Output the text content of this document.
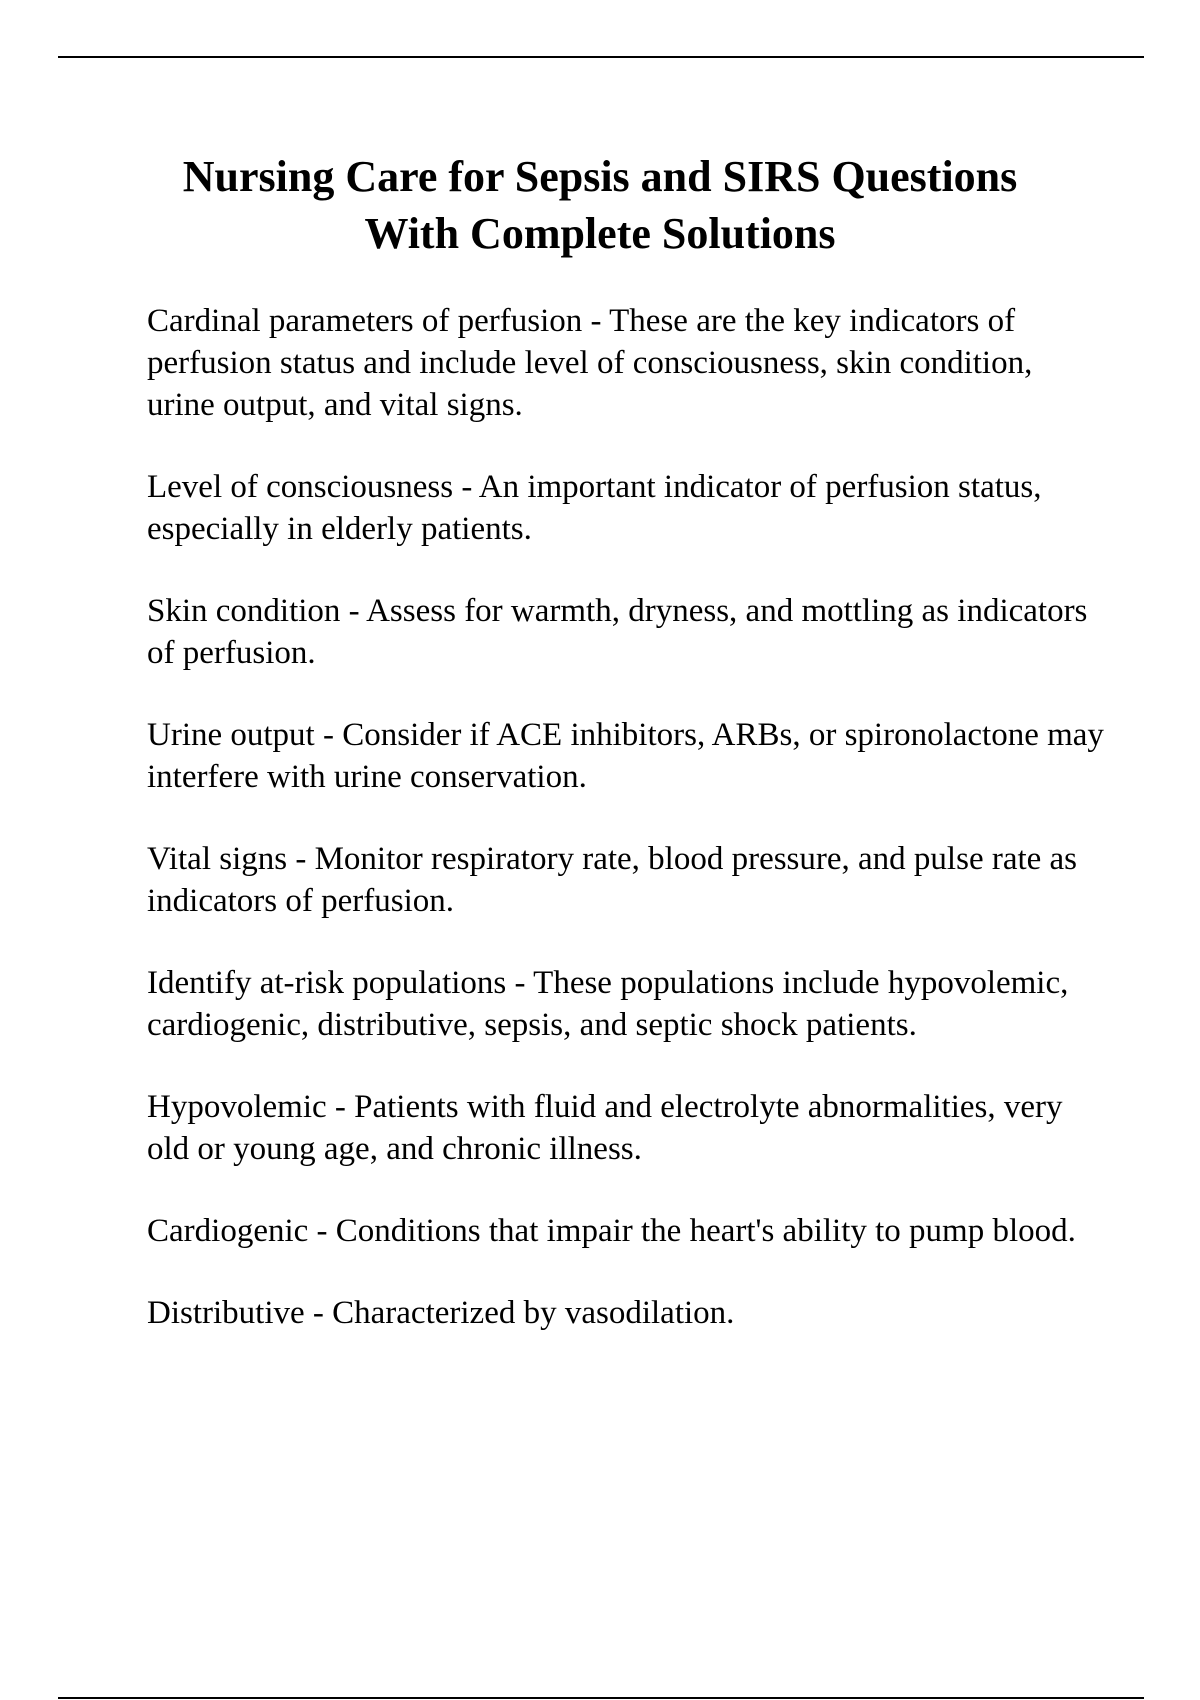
Nursing Care for Sepsis and SIRS Questions
With Complete Solutions

Cardinal parameters of perfusion - These are the key indicators of perfusion status and include level of consciousness, skin condition, urine output, and vital signs.

Level of consciousness - An important indicator of perfusion status, especially in elderly patients.

Skin condition - Assess for warmth, dryness, and mottling as indicators of perfusion.

Urine output - Consider if ACE inhibitors, ARBs, or spironolactone may interfere with urine conservation.

Vital signs - Monitor respiratory rate, blood pressure, and pulse rate as indicators of perfusion.

Identify at-risk populations - These populations include hypovolemic, cardiogenic, distributive, sepsis, and septic shock patients.

Hypovolemic - Patients with fluid and electrolyte abnormalities, very old or young age, and chronic illness.

Cardiogenic - Conditions that impair the heart's ability to pump blood.

Distributive - Characterized by vasodilation.
